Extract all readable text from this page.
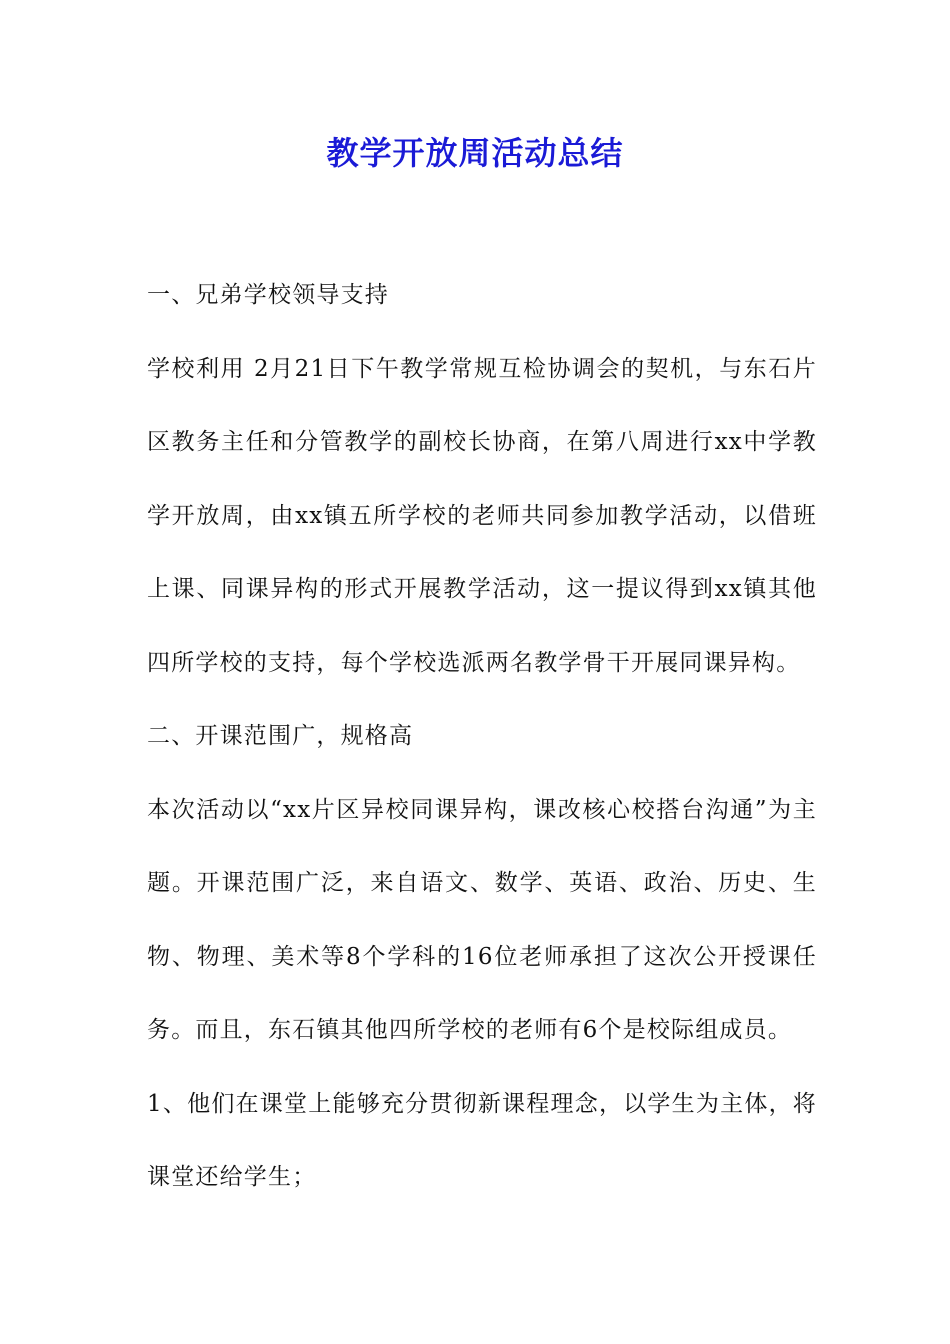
教学开放周活动总结

一、兄弟学校领导支持

学校利用 2月21日下午教学常规互检协调会的契机，与东石片区教务主任和分管教学的副校长协商，在第八周进行xx中学教学开放周，由xx镇五所学校的老师共同参加教学活动，以借班上课、同课异构的形式开展教学活动，这一提议得到xx镇其他四所学校的支持，每个学校选派两名教学骨干开展同课异构。

二、开课范围广，规格高

本次活动以“xx片区异校同课异构，课改核心校搭台沟通”为主题。开课范围广泛，来自语文、数学、英语、政治、历史、生物、物理、美术等8个学科的16位老师承担了这次公开授课任务。而且，东石镇其他四所学校的老师有6个是校际组成员。

1、他们在课堂上能够充分贯彻新课程理念，以学生为主体，将课堂还给学生；
